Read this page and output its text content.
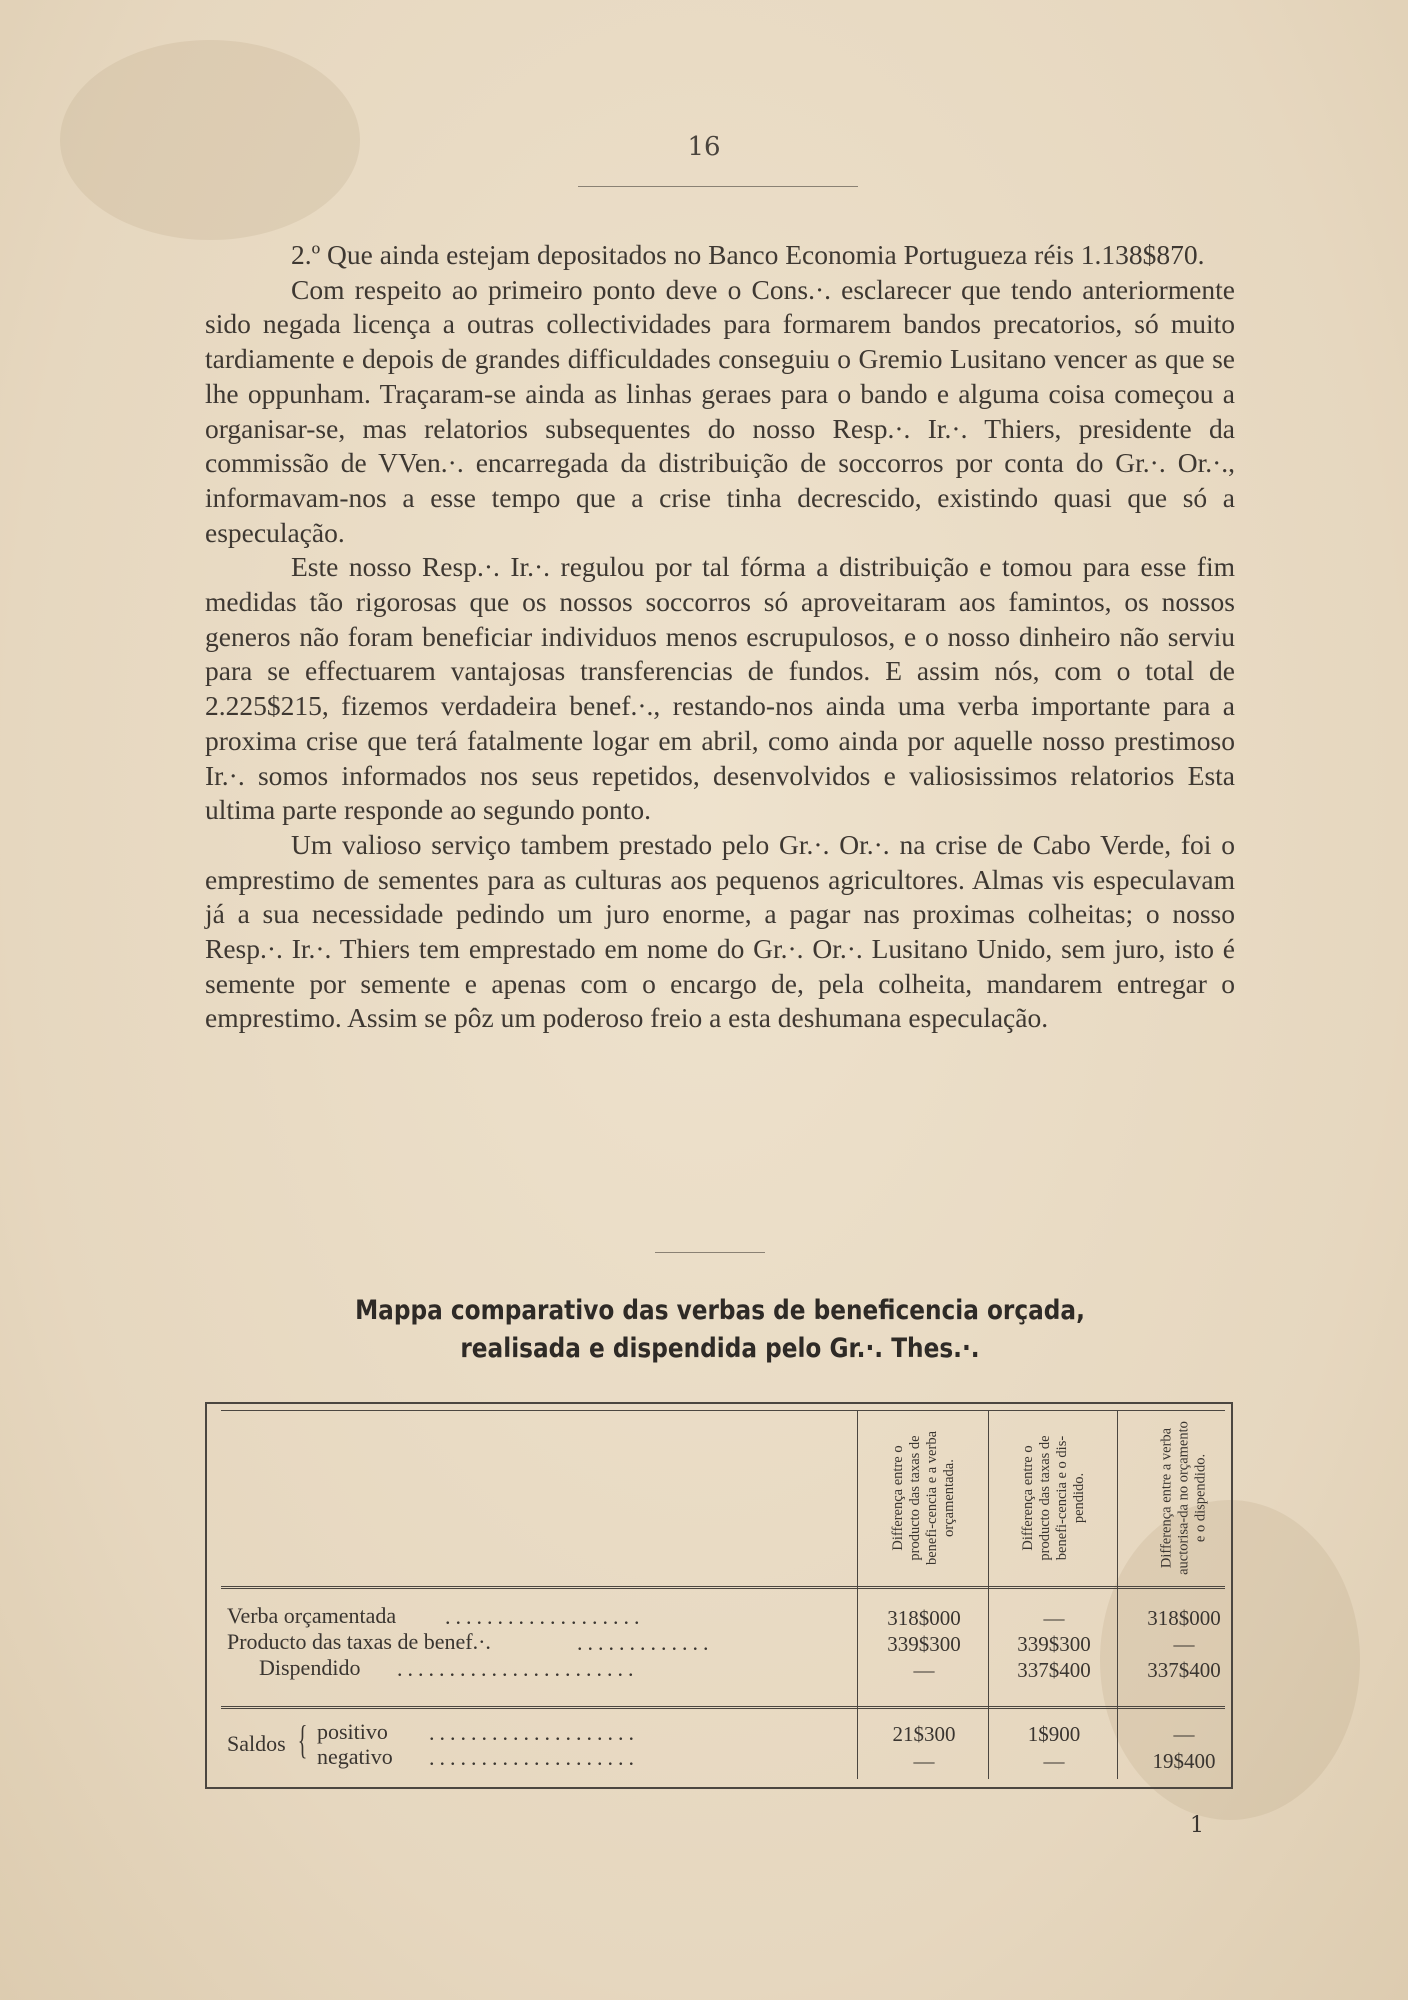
16

2.º Que ainda estejam depositados no Banco Economia Portugueza réis 1.138$870.

Com respeito ao primeiro ponto deve o Cons.·. esclarecer que tendo anteriormente sido negada licença a outras collectividades para formarem bandos precatorios, só muito tardiamente e depois de grandes difficuldades conseguiu o Gremio Lusitano vencer as que se lhe oppunham. Traçaram-se ainda as linhas geraes para o bando e alguma coisa começou a organisar-se, mas relatorios subsequentes do nosso Resp.·. Ir.·. Thiers, presidente da commissão de VVen.·. encarregada da distribuição de soccorros por conta do Gr.·. Or.·., informavam-nos a esse tempo que a crise tinha decrescido, existindo quasi que só a especulação.

Este nosso Resp.·. Ir.·. regulou por tal fórma a distribuição e tomou para esse fim medidas tão rigorosas que os nossos soccorros só aproveitaram aos famintos, os nossos generos não foram beneficiar individuos menos escrupulosos, e o nosso dinheiro não serviu para se effectuarem vantajosas transferencias de fundos. E assim nós, com o total de 2.225$215, fizemos verdadeira benef.·., restando-nos ainda uma verba importante para a proxima crise que terá fatalmente logar em abril, como ainda por aquelle nosso prestimoso Ir.·. somos informados nos seus repetidos, desenvolvidos e valiosissimos relatorios Esta ultima parte responde ao segundo ponto.

Um valioso serviço tambem prestado pelo Gr.·. Or.·. na crise de Cabo Verde, foi o emprestimo de sementes para as culturas aos pequenos agricultores. Almas vis especulavam já a sua necessidade pedindo um juro enorme, a pagar nas proximas colheitas; o nosso Resp.·. Ir.·. Thiers tem emprestado em nome do Gr.·. Or.·. Lusitano Unido, sem juro, isto é semente por semente e apenas com o encargo de, pela colheita, mandarem entregar o emprestimo. Assim se pôz um poderoso freio a esta deshumana especulação.

Mappa comparativo das verbas de beneficencia orçada,
realisada e dispendida pelo Gr.·. Thes.·.
Differença entre o producto das taxas de benefi-cencia e a verba orçamentada.	Differença entre o producto das taxas de benefi-cencia e o dis-pendido.	Differença entre a verba auctorisa-da no orçamento e o dispendido.
Verba orçamentada ...................	318$000	—	318$000
Producto das taxas de benef.·.	.............	339$300	339$300	—
Dispendido .......................	—	337$400	337$400
Saldos { positivo ....................	21$300	1$900	—
negativo ....................	—	—	19$400
1
